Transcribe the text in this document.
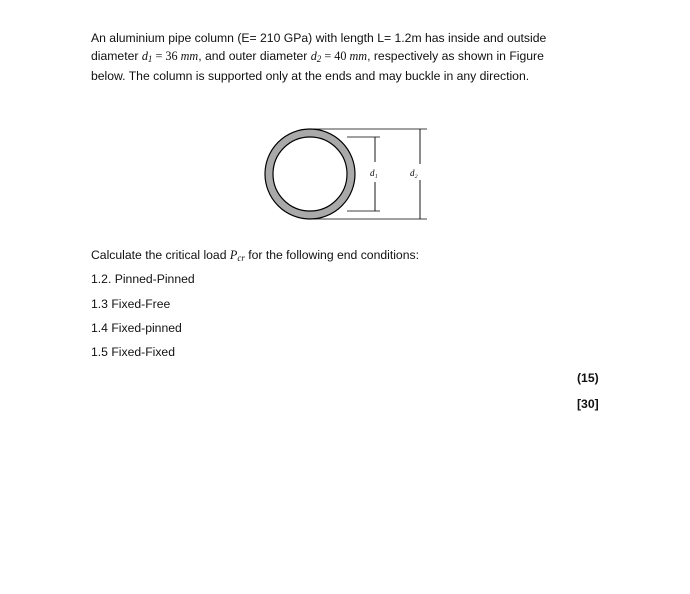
An aluminium pipe column (E= 210 GPa) with length L= 1.2m has inside and outside
diameter $d_1 = 36$ mm, and outer diameter $d_2 = 40$ mm, respectively as shown in Figure
below. The column is supported only at the ends and may buckle in any direction.
d₁	d₂
Calculate the critical load $P_{cr}$ for the following end conditions:
1.2. Pinned-Pinned
1.3 Fixed-Free
1.4 Fixed-pinned
1.5 Fixed-Fixed
(15)
[30]
